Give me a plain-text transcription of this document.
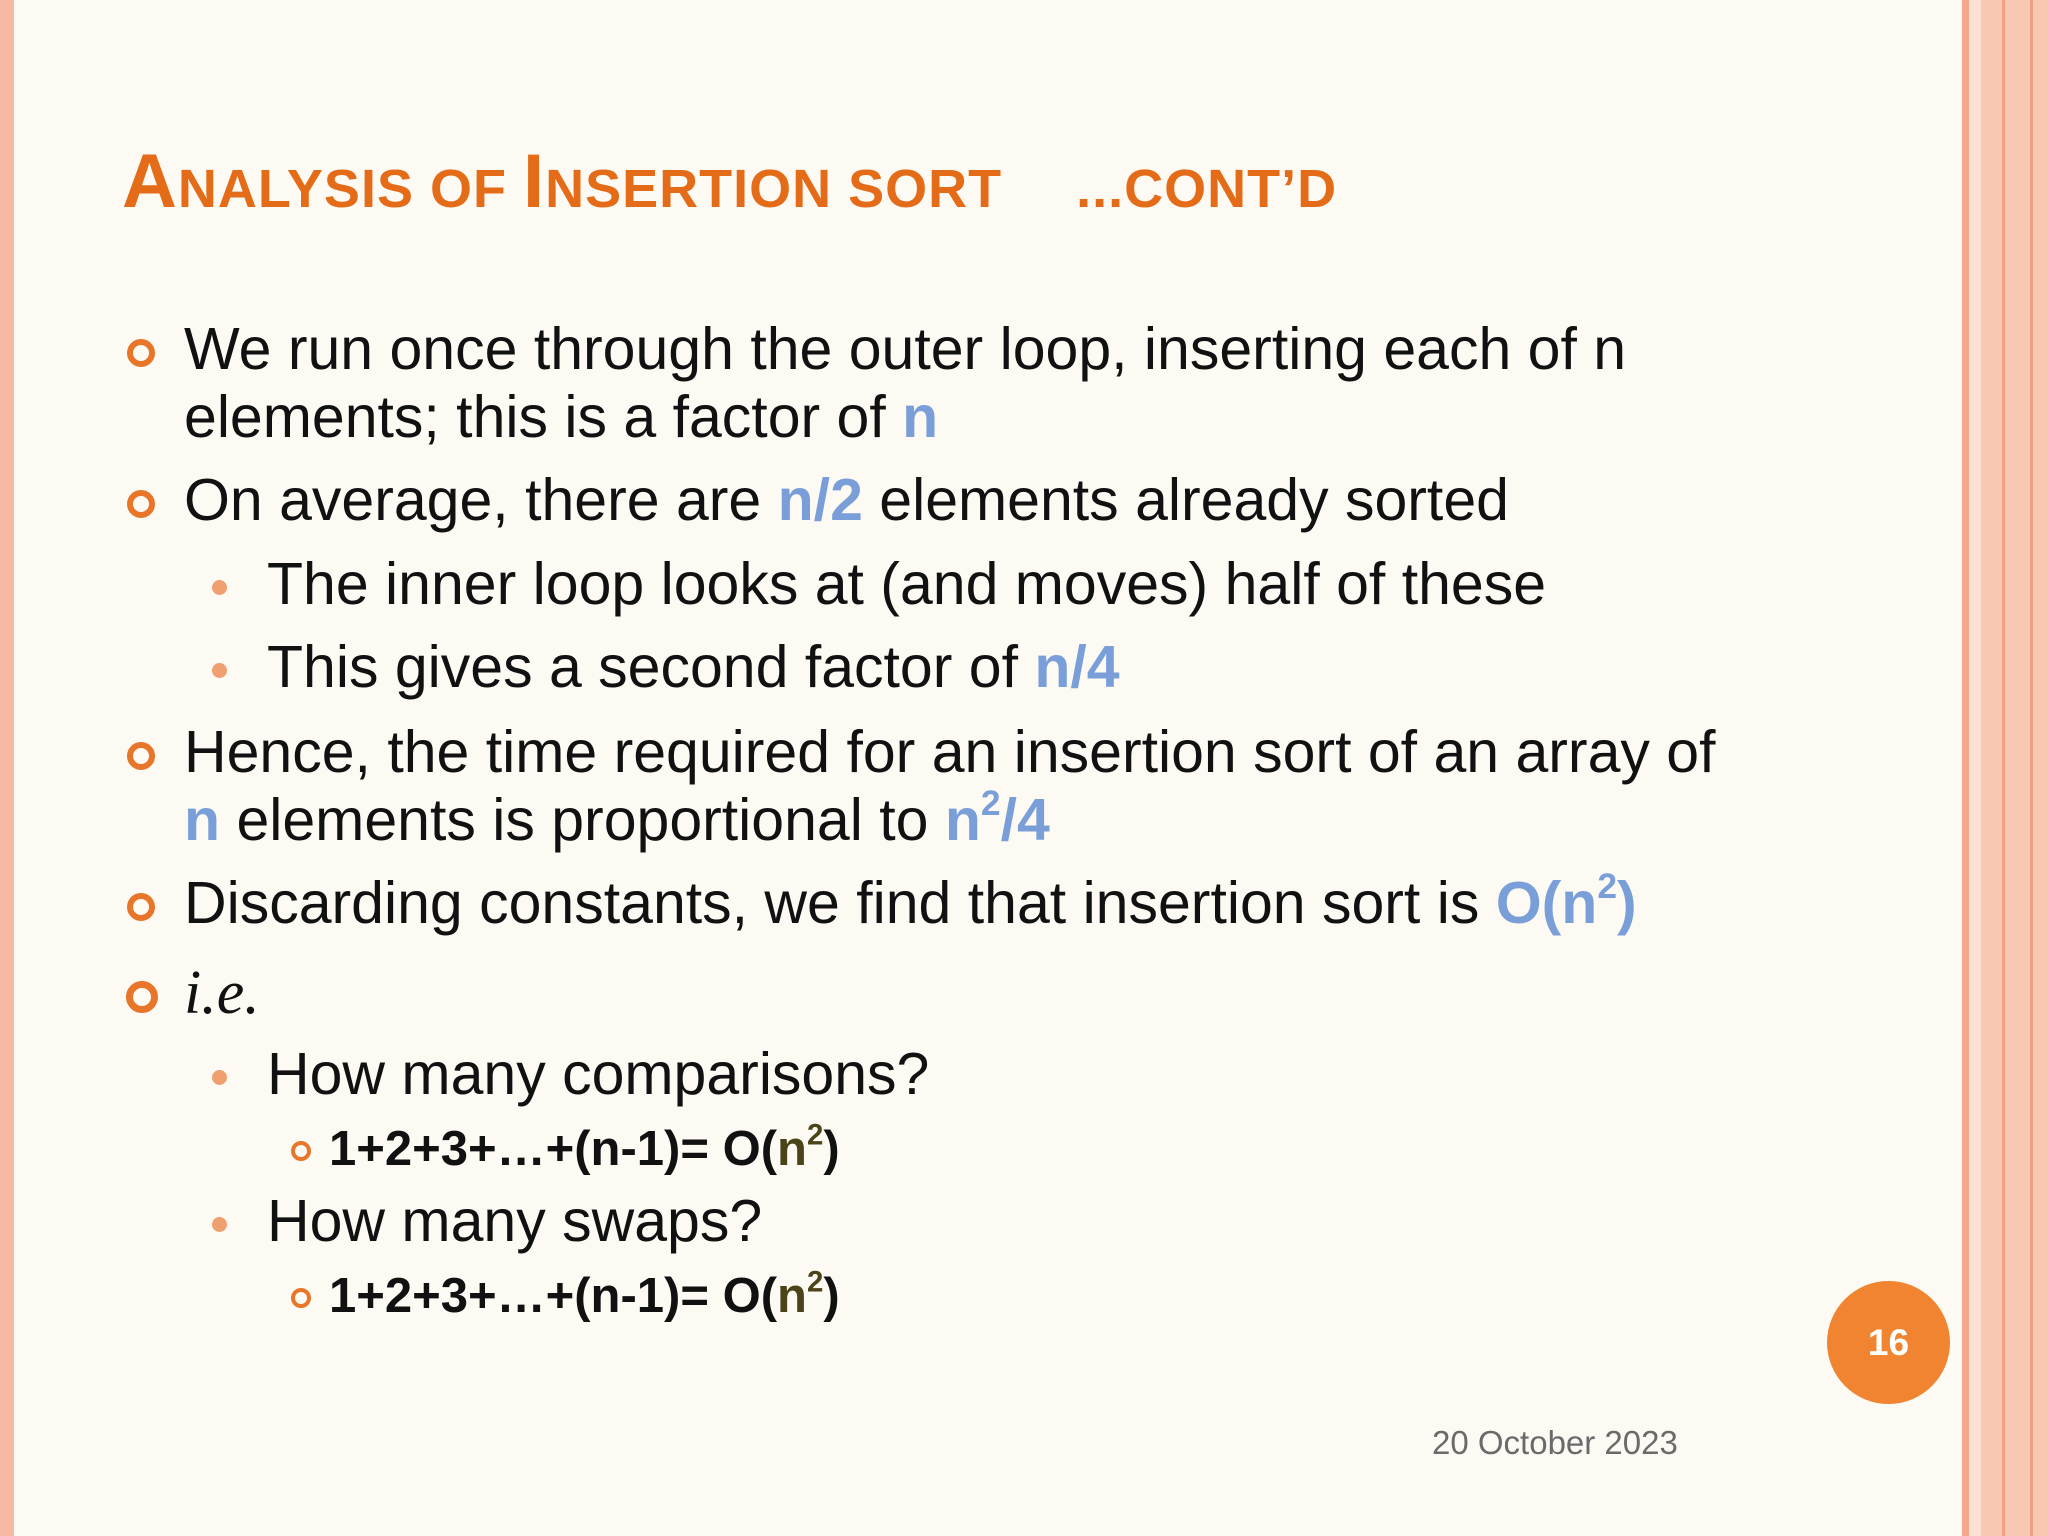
ANALYSIS OF INSERTION SORT ...CONT’D
We run once through the outer loop, inserting each of n
elements; this is a factor of n
On average, there are n/2 elements already sorted
The inner loop looks at (and moves) half of these
This gives a second factor of n/4
Hence, the time required for an insertion sort of an array of
n elements is proportional to $n^2/4$
Discarding constants, we find that insertion sort is $O(n^2)$
i.e.
How many comparisons?
1+2+3+…+(n-1)= $O(n^2)$
How many swaps?
1+2+3+…+(n-1)= $O(n^2)$
16
20 October 2023
